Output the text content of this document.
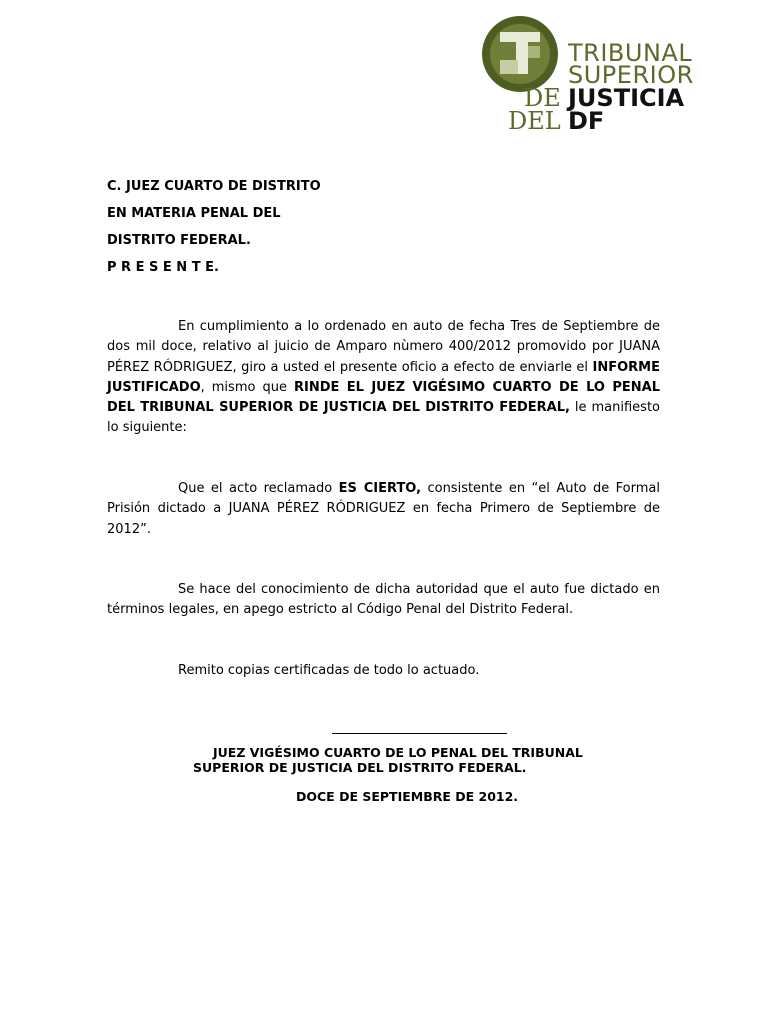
TRIBUNAL
SUPERIOR
DE JUSTICIA
DEL DF
C. JUEZ CUARTO DE DISTRITO
EN MATERIA PENAL DEL
DISTRITO FEDERAL.
P R E S E N T E.
En cumplimiento a lo ordenado en auto de fecha Tres de Septiembre de dos mil doce, relativo al juicio de Amparo nùmero 400/2012 promovido por JUANA PÉREZ RÓDRIGUEZ, giro a usted el presente oficio a efecto de enviarle el INFORME JUSTIFICADO, mismo que RINDE EL JUEZ VIGÉSIMO CUARTO DE LO PENAL DEL TRIBUNAL SUPERIOR DE JUSTICIA DEL DISTRITO FEDERAL, le manifiesto lo siguiente:
Que el acto reclamado ES CIERTO, consistente en “el Auto de Formal Prisión dictado a JUANA PÉREZ RÓDRIGUEZ en fecha Primero de Septiembre de 2012”.
Se hace del conocimiento de dicha autoridad que el auto fue dictado en términos legales, en apego estricto al Código Penal del Distrito Federal.
Remito copias certificadas de todo lo actuado.
JUEZ VIGÉSIMO CUARTO DE LO PENAL DEL TRIBUNAL
SUPERIOR DE JUSTICIA DEL DISTRITO FEDERAL.
DOCE DE SEPTIEMBRE DE 2012.
